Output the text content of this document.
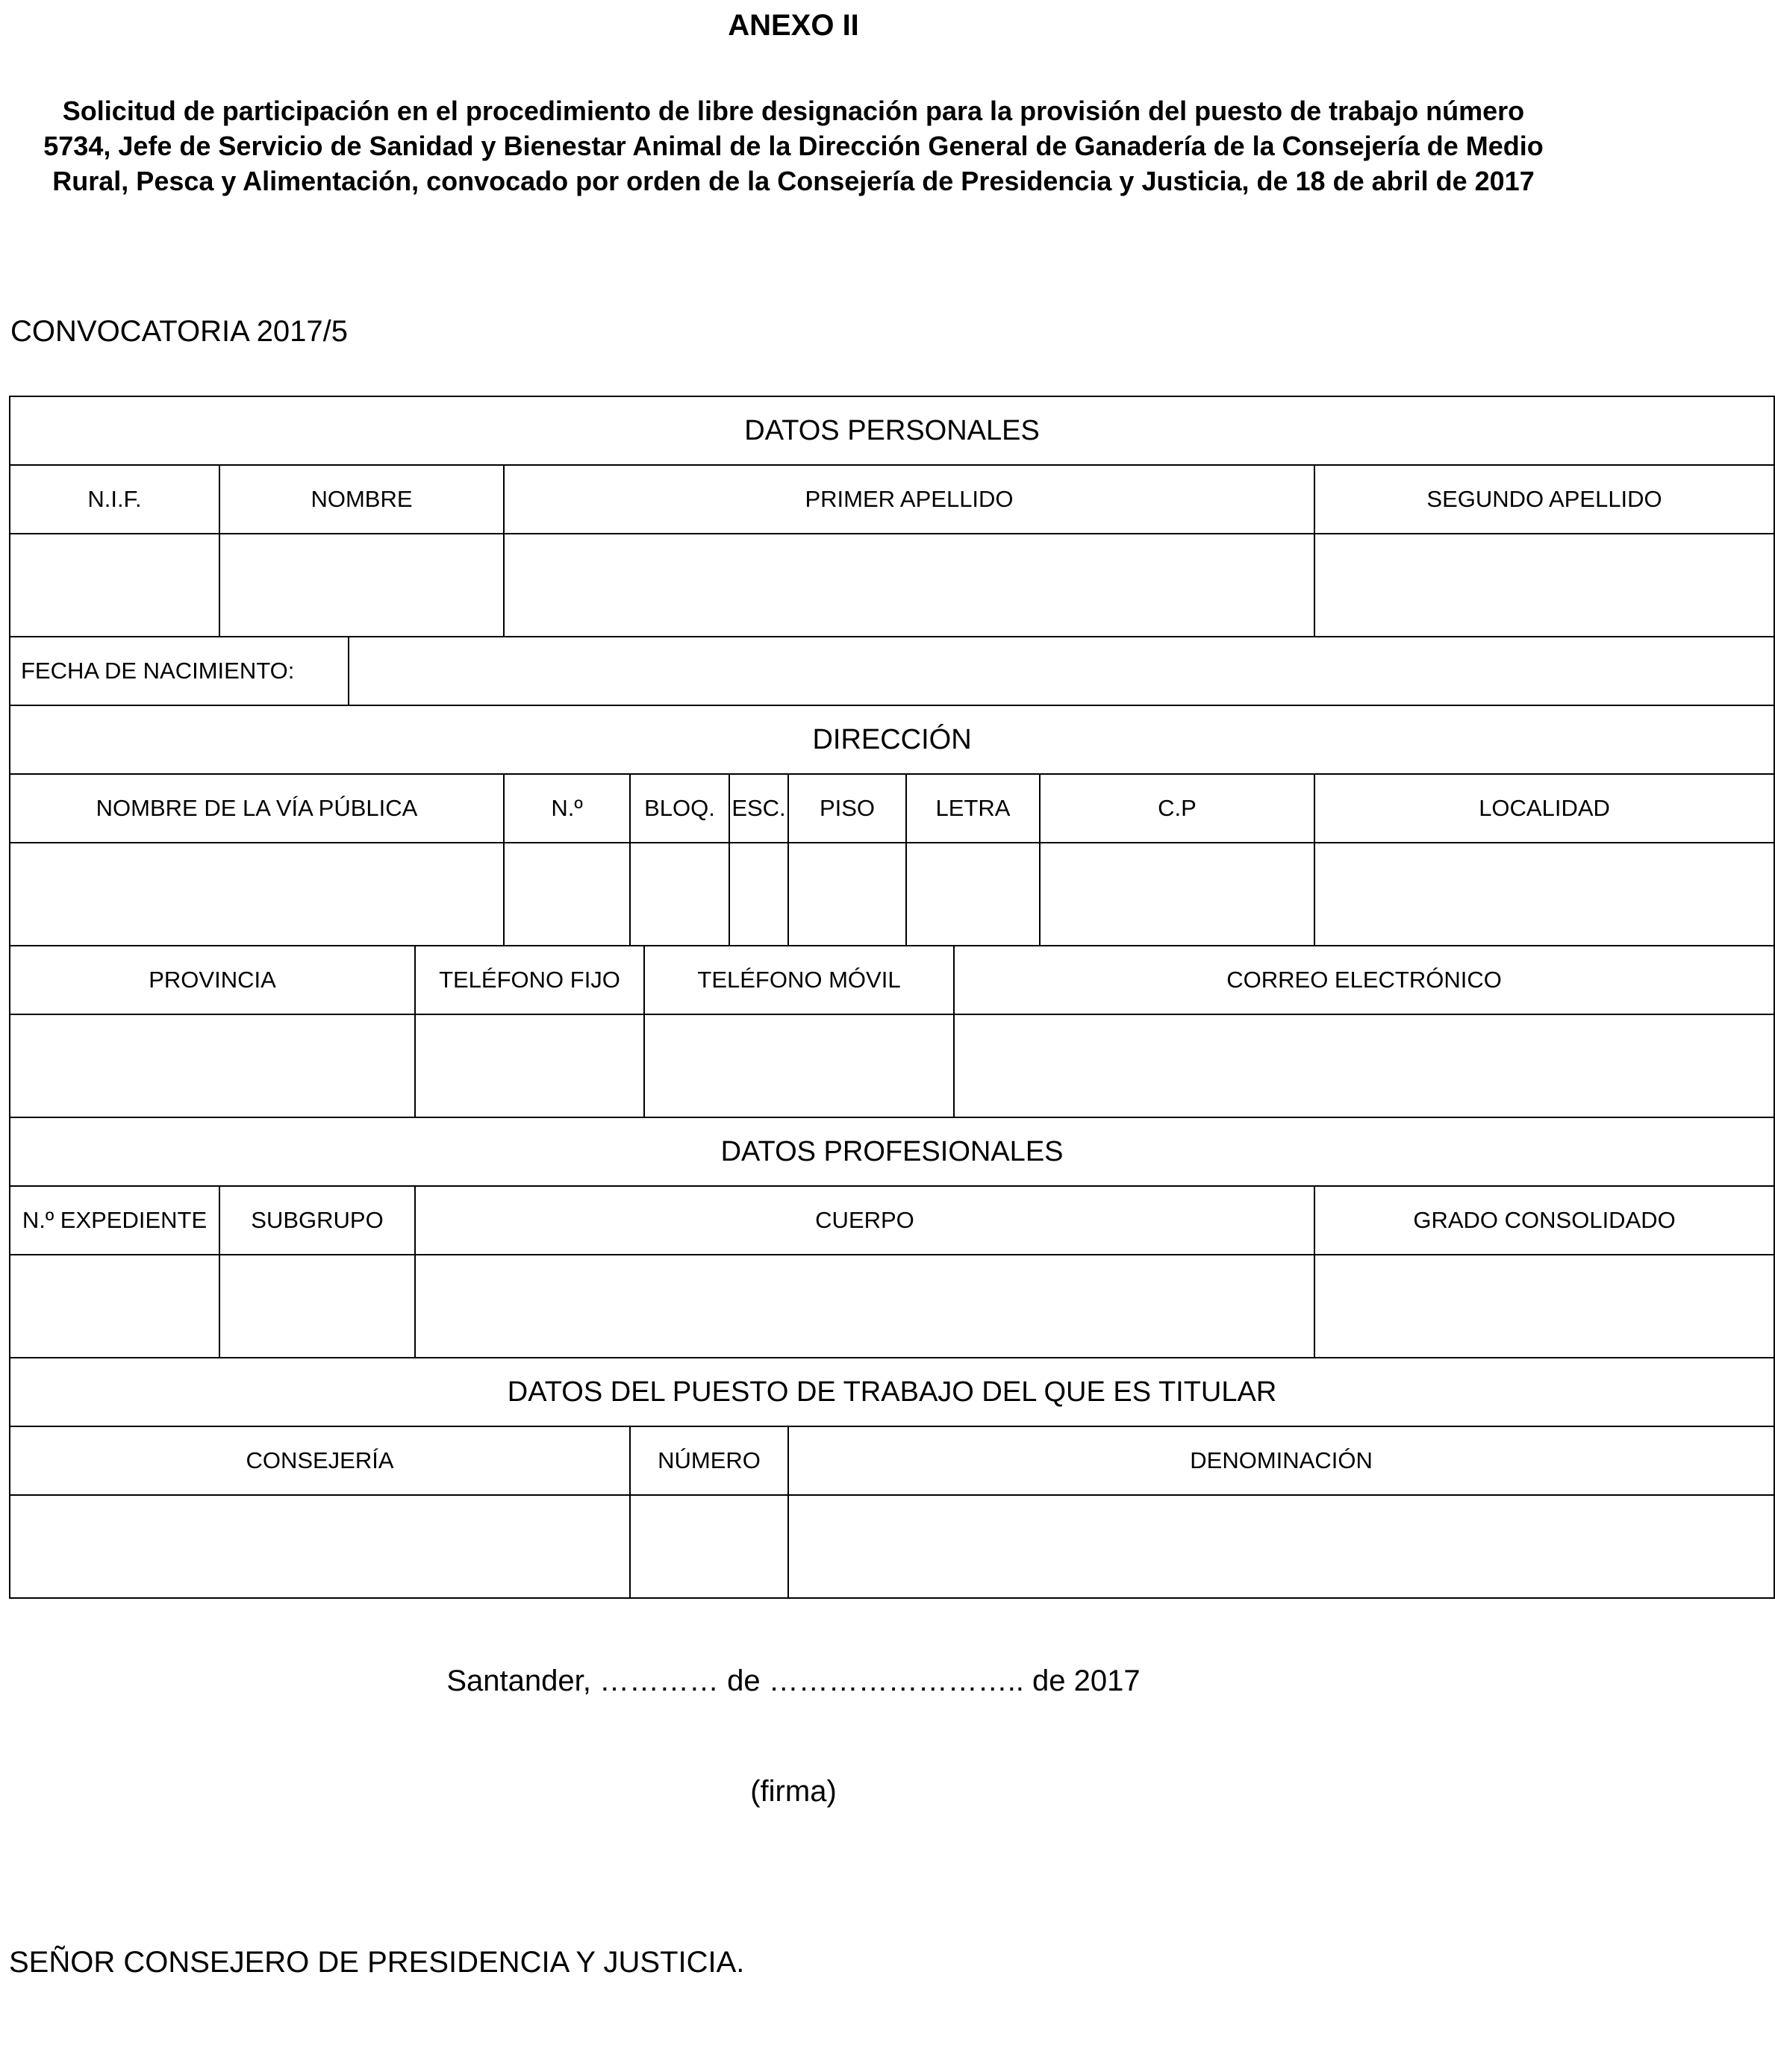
ANEXO II
Solicitud de participación en el procedimiento de libre designación para la provisión del puesto de trabajo número 5734, Jefe de Servicio de Sanidad y Bienestar Animal de la Dirección General de Ganadería de la Consejería de Medio Rural, Pesca y Alimentación, convocado por orden de la Consejería de Presidencia y Justicia, de 18 de abril de 2017
CONVOCATORIA 2017/5
DATOS PERSONALES												
N.I.F.	NOMBRE			PRIMER APELLIDO								SEGUNDO APELLIDO

FECHA DE NACIMIENTO:												
DIRECCIÓN												
NOMBRE DE LA VÍA PÚBLICA				N.º	BLOQ.		ESC.	PISO	LETRA		C.P	LOCALIDAD

PROVINCIA			TELÉFONO FIJO			TELÉFONO MÓVIL				CORREO ELECTRÓNICO		

DATOS PROFESIONALES												
N.º EXPEDIENTE	SUBGRUPO		CUERPO									GRADO CONSOLIDADO

DATOS DEL PUESTO DE TRABAJO DEL QUE ES TITULAR												
CONSEJERÍA					NÚMERO			DENOMINACIÓN				

Santander, ………… de …………………….. de 2017
(firma)
SEÑOR CONSEJERO DE PRESIDENCIA Y JUSTICIA.
